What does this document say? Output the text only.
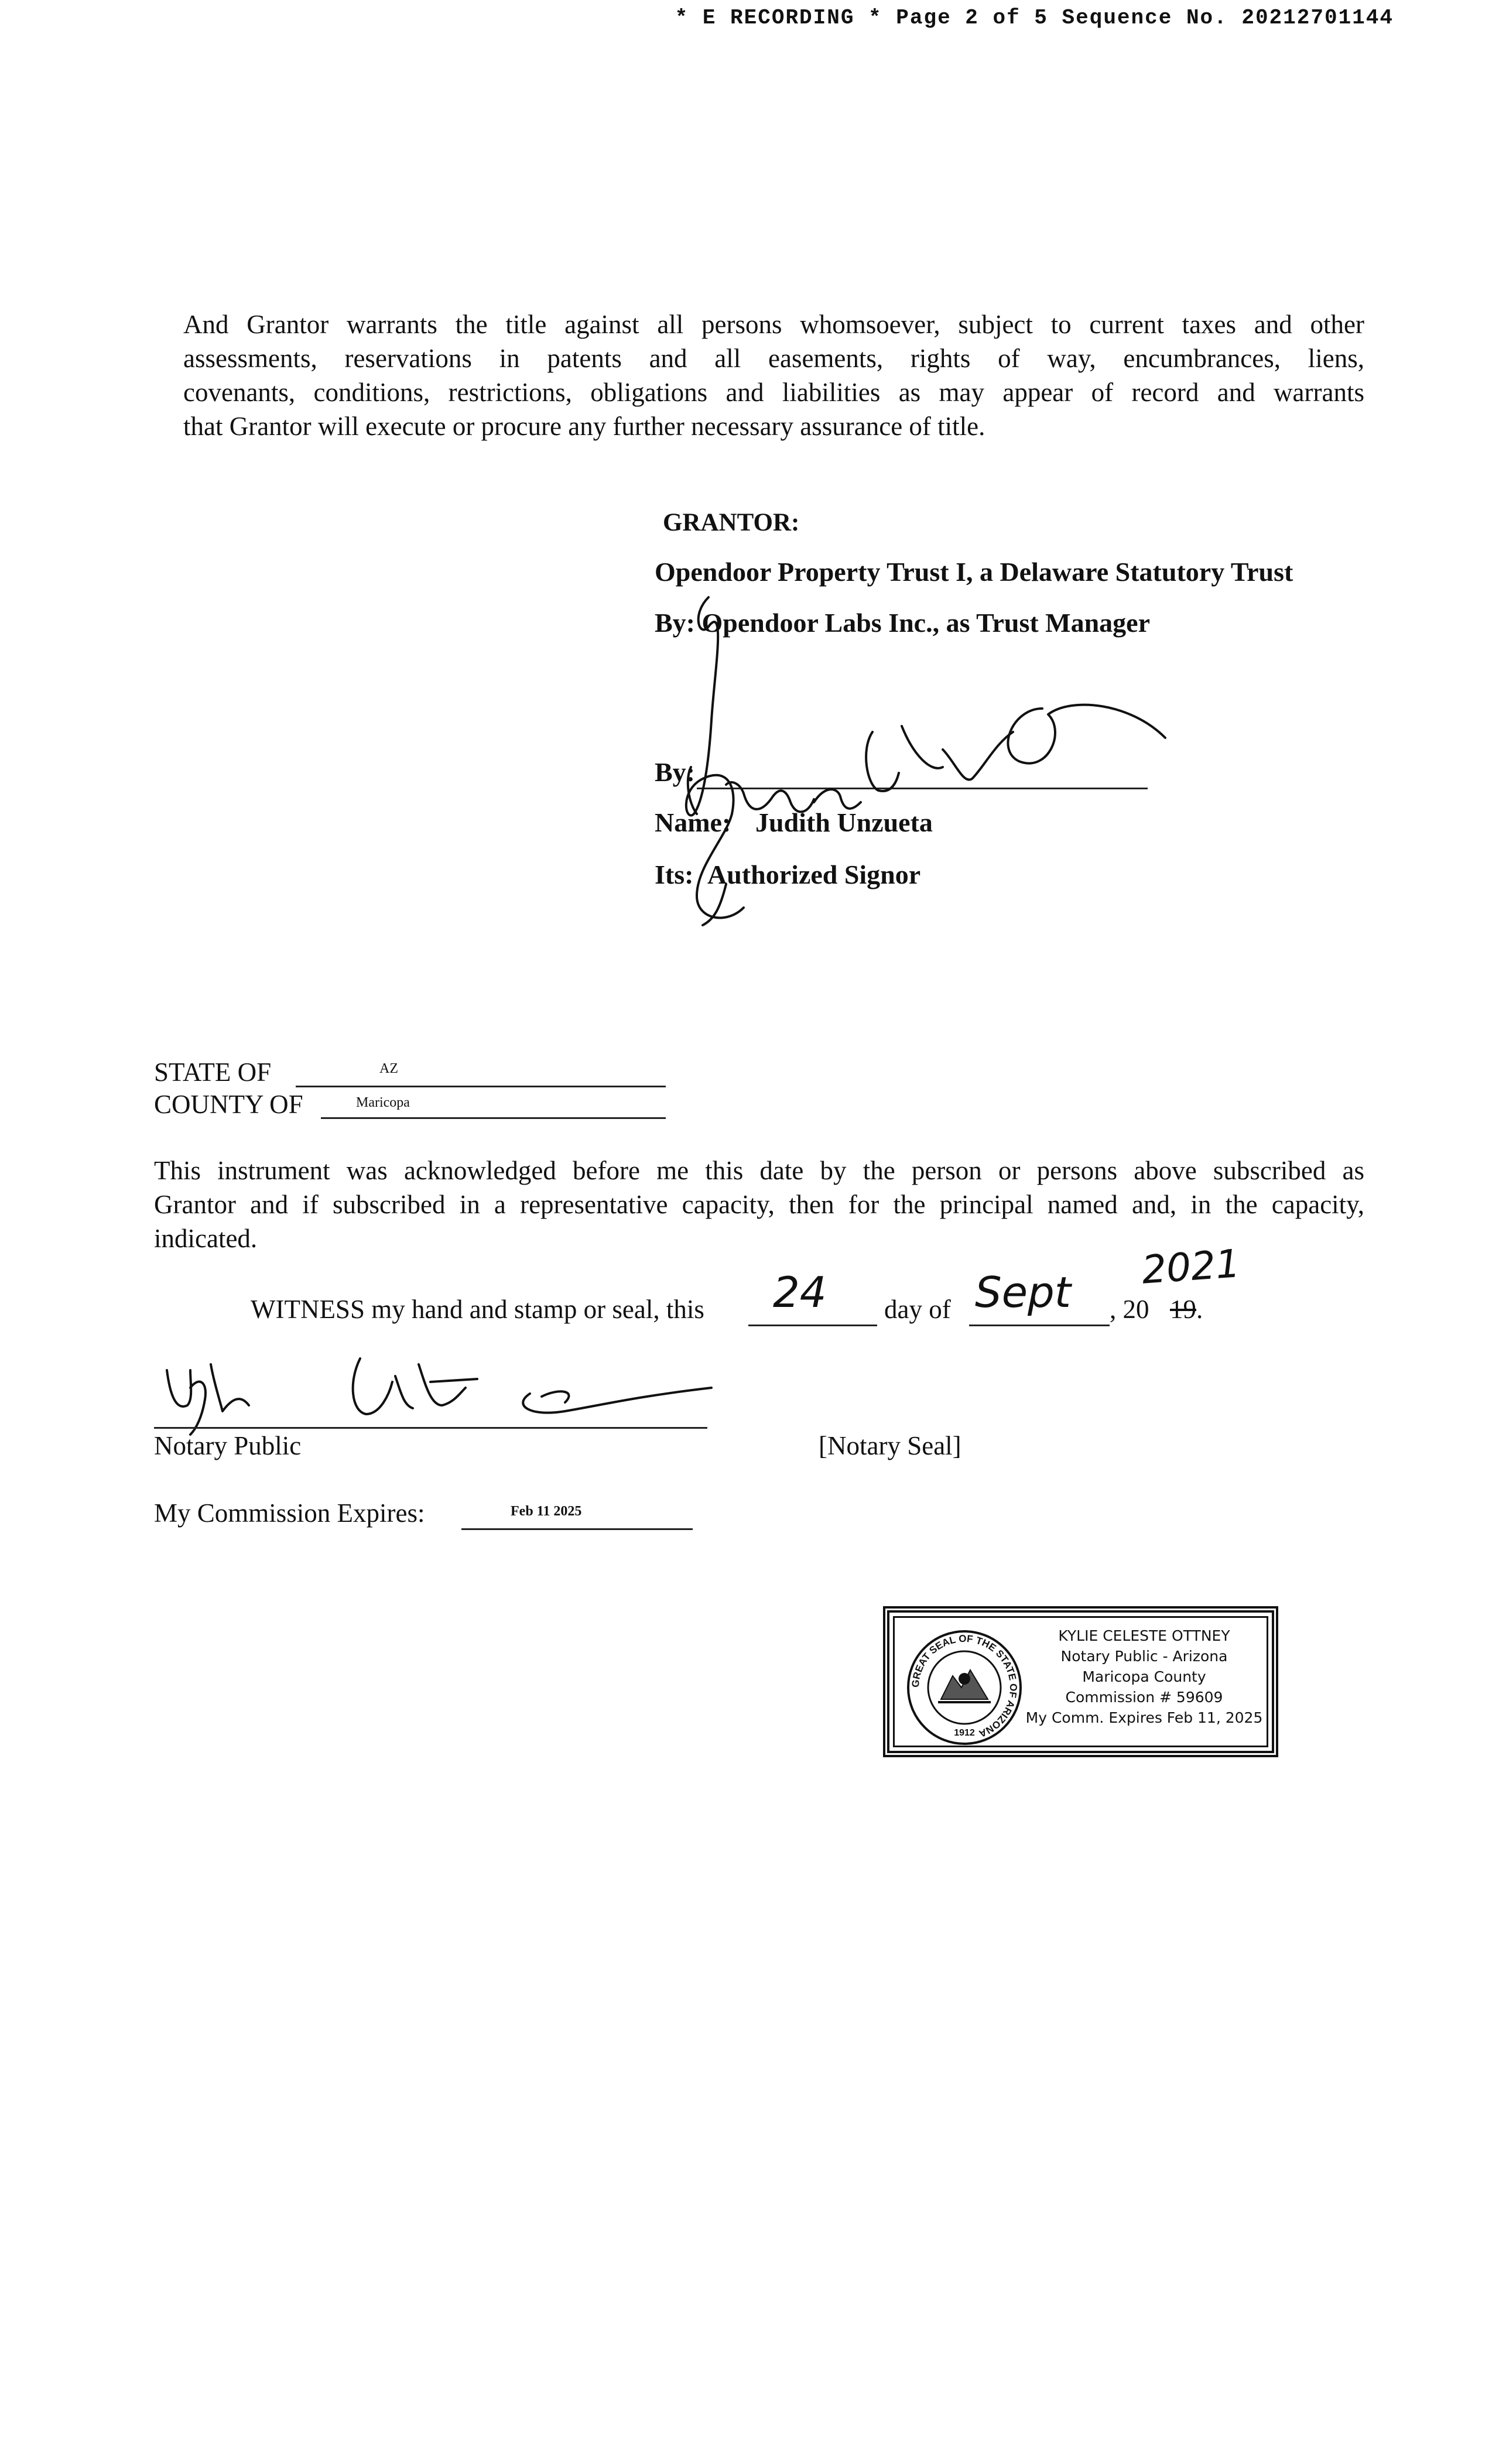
* E RECORDING * Page 2 of 5 Sequence No. 20212701144
And Grantor warrants the title against all persons whomsoever, subject to current taxes and other
assessments, reservations in patents and all easements, rights of way, encumbrances, liens,
covenants, conditions, restrictions, obligations and liabilities as may appear of record and warrants
that Grantor will execute or procure any further necessary assurance of title.
GRANTOR:
Opendoor Property Trust I, a Delaware Statutory Trust
By: Opendoor Labs Inc., as Trust Manager
By:
Name: Judith Unzueta
Its: Authorized Signor
STATE OF	AZ
COUNTY OF	Maricopa
This instrument was acknowledged before me this date by the person or persons above subscribed as
Grantor and if subscribed in a representative capacity, then for the principal named and, in the capacity,
indicated.
WITNESS my hand and stamp or seal, this 24 day of Sept , 20 19 .
2021
Notary Public	[Notary Seal]
My Commission Expires:	Feb 11 2025
GREAT SEAL OF THE STATE OF ARIZONA
1912
KYLIE CELESTE OTTNEY
Notary Public - Arizona
Maricopa County
Commission # 59609
My Comm. Expires Feb 11, 2025
